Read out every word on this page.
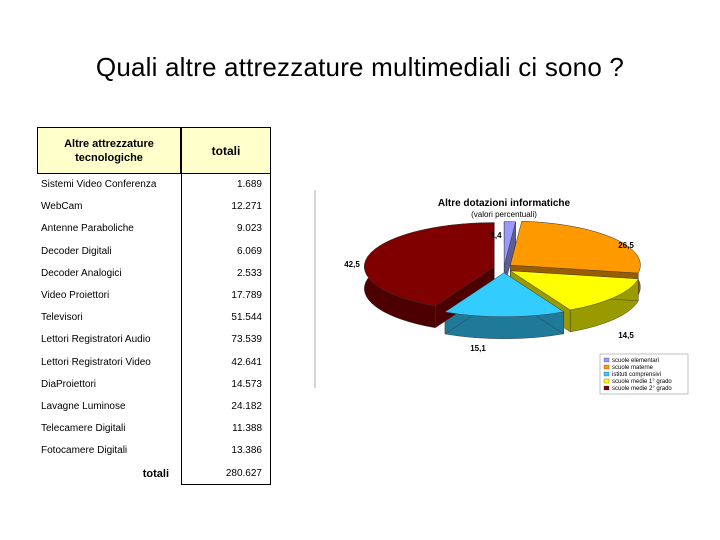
Quali altre attrezzature multimediali ci sono ?
Altre attrezzature tecnologiche	totali
Sistemi Video Conferenza	1.689
WebCam	12.271
Antenne Paraboliche	9.023
Decoder Digitali	6.069
Decoder Analogici	2.533
Video Proiettori	17.789
Televisori	51.544
Lettori Registratori Audio	73.539
Lettori Registratori Video	42.641
DiaProiettori	14.573
Lavagne Luminose	24.182
Telecamere Digitali	11.388
Fotocamere Digitali	13.386
totali	280.627
Altre dotazioni informatiche
(valori percentuali)
1,4
26,5
14,5
15,1
42,5
scuole elementari
scuole materne
istituti comprensivi
scuole medie 1° grado
scuole medie 2° grado
